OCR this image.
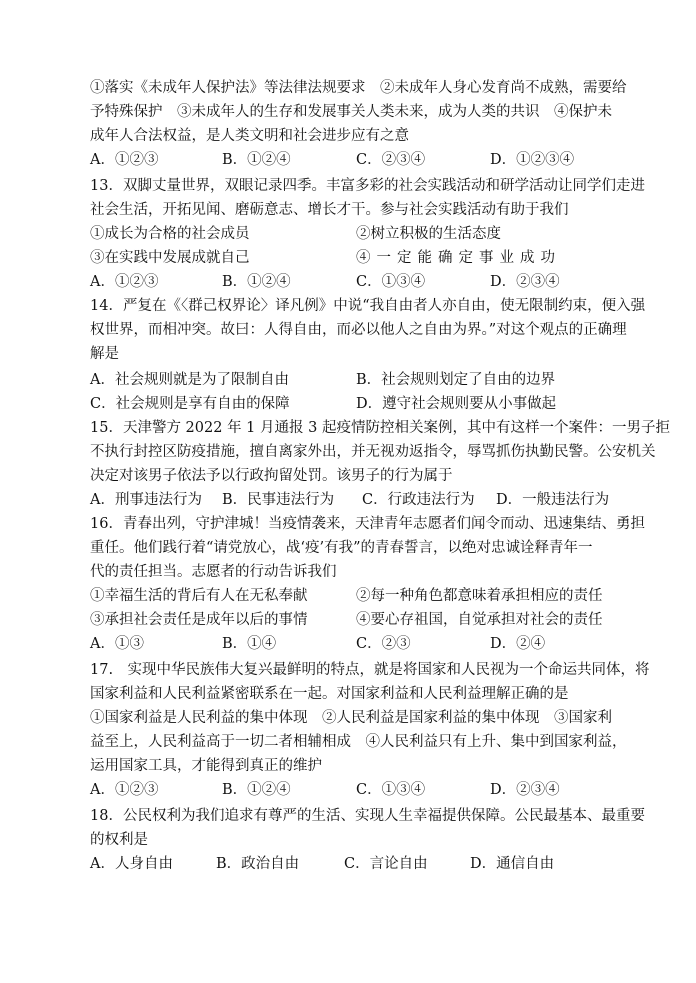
①落实《未成年人保护法》等法律法规要求　②未成年人身心发育尚不成熟，需要给
予特殊保护　③未成年人的生存和发展事关人类未来，成为人类的共识　④保护未
成年人合法权益，是人类文明和社会进步应有之意
A．①②③	B．①②④	C．②③④	D．①②③④
13．双脚丈量世界，双眼记录四季。丰富多彩的社会实践活动和研学活动让同学们走进
社会生活，开拓见闻、磨砺意志、增长才干。参与社会实践活动有助于我们
①成长为合格的社会成员	②树立积极的生活态度
③在实践中发展成就自己	④一定能确定事业成功
A．①②③	B．①②④	C．①③④	D．②③④
14．严复在《〈群己权界论〉译凡例》中说“我自由者人亦自由，使无限制约束，便入强
权世界，而相冲突。故曰：人得自由，而必以他人之自由为界。”对这个观点的正确理
解是
A．社会规则就是为了限制自由	B．社会规则划定了自由的边界
C．社会规则是享有自由的保障	D．遵守社会规则要从小事做起
15．天津警方 2022 年 1 月通报 3 起疫情防控相关案例，其中有这样一个案件：一男子拒
不执行封控区防疫措施，擅自离家外出，并无视劝返指令，辱骂抓伤执勤民警。公安机关
决定对该男子依法予以行政拘留处罚。该男子的行为属于
A．刑事违法行为 B．民事违法行为 C．行政违法行为 D．一般违法行为
16．青春出列，守护津城！当疫情袭来，天津青年志愿者们闻令而动、迅速集结、勇担
重任。他们践行着“请党放心，战‘疫’有我”的青春誓言，以绝对忠诚诠释青年一
代的责任担当。志愿者的行动告诉我们
①幸福生活的背后有人在无私奉献	②每一种角色都意味着承担相应的责任
③承担社会责任是成年以后的事情	④要心存祖国，自觉承担对社会的责任
A．①③	B．①④	C．②③	D．②④
17.　实现中华民族伟大复兴最鲜明的特点，就是将国家和人民视为一个命运共同体，将
国家利益和人民利益紧密联系在一起。对国家利益和人民利益理解正确的是
①国家利益是人民利益的集中体现　②人民利益是国家利益的集中体现　③国家利
益至上，人民利益高于一切二者相辅相成　④人民利益只有上升、集中到国家利益，
运用国家工具，才能得到真正的维护
A．①②③	B．①②④	C．①③④	D．②③④
18．公民权利为我们追求有尊严的生活、实现人生幸福提供保障。公民最基本、最重要
的权利是
A．人身自由	B．政治自由	C．言论自由	D．通信自由
